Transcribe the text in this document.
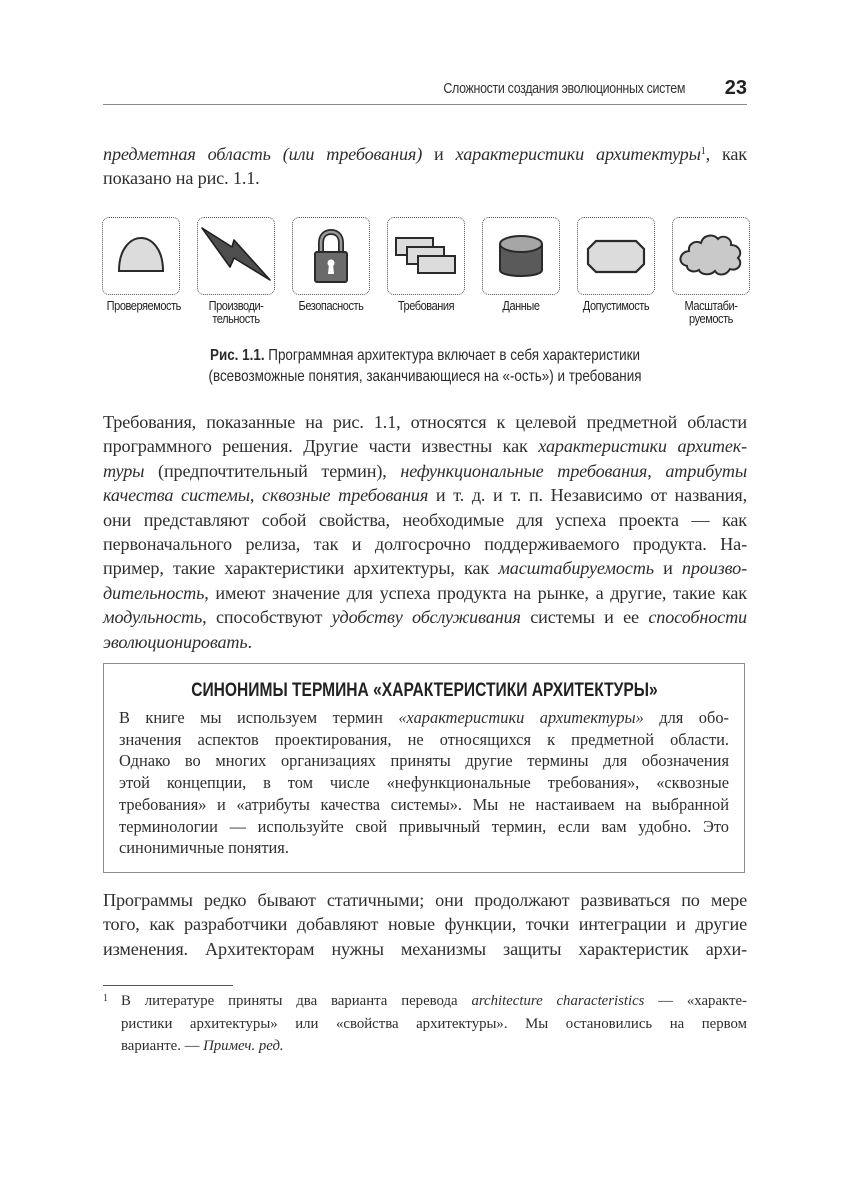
Сложности создания эволюционных систем 23
предметная область (или требования) и характеристики архитектуры$^1$, как
показано на рис. 1.1.
Проверяемость	Производи-
тельность
Безопасность	Требования	Данные	Допустимость	Масштаби-
руемость
Рис. 1.1. Программная архитектура включает в себя характеристики
(всевозможные понятия, заканчивающиеся на «-ость») и требования
Требования, показанные на рис. 1.1, относятся к целевой предметной области
программного решения. Другие части известны как характеристики архитек-
туры (предпочтительный термин), нефункциональные требования, атрибуты
качества системы, сквозные требования и т. д. и т. п. Независимо от названия,
они представляют собой свойства, необходимые для успеха проекта — как
первоначального релиза, так и долгосрочно поддерживаемого продукта. На-
пример, такие характеристики архитектуры, как масштабируемость и произво-
дительность, имеют значение для успеха продукта на рынке, а другие, такие как
модульность, способствуют удобству обслуживания системы и ее способности
эволюционировать.
СИНОНИМЫ ТЕРМИНА «ХАРАКТЕРИСТИКИ АРХИТЕКТУРЫ»
В книге мы используем термин «характеристики архитектуры» для обо-
значения аспектов проектирования, не относящихся к предметной области.
Однако во многих организациях приняты другие термины для обозначения
этой концепции, в том числе «нефункциональные требования», «сквозные
требования» и «атрибуты качества системы». Мы не настаиваем на выбранной
терминологии — используйте свой привычный термин, если вам удобно. Это
синонимичные понятия.
Программы редко бывают статичными; они продолжают развиваться по мере
того, как разработчики добавляют новые функции, точки интеграции и другие
изменения. Архитекторам нужны механизмы защиты характеристик архи-
1 В литературе приняты два варианта перевода architecture characteristics — «характе-
ристики архитектуры» или «свойства архитектуры». Мы остановились на первом
варианте. — Примеч. ред.
